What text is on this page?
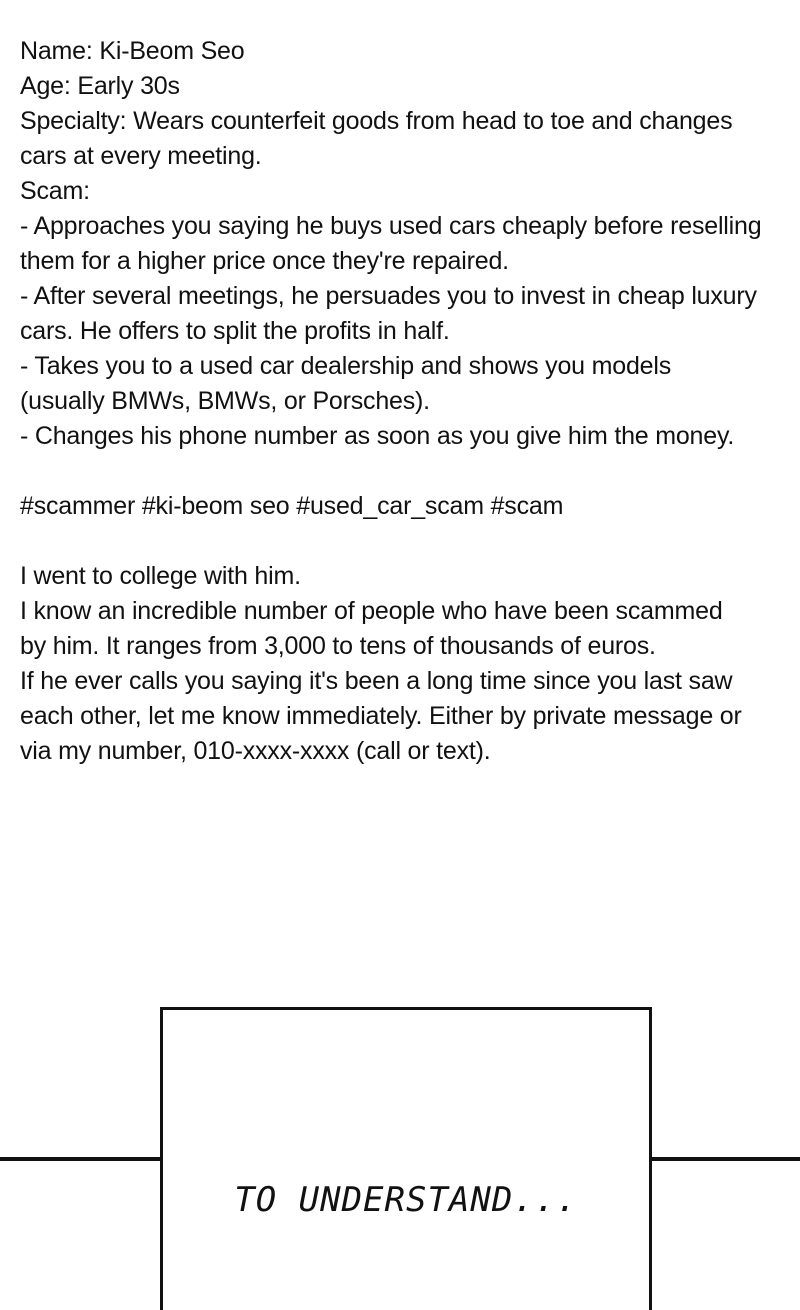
Name: Ki-Beom Seo
Age: Early 30s
Specialty: Wears counterfeit goods from head to toe and changes
cars at every meeting.
Scam:
- Approaches you saying he buys used cars cheaply before reselling
them for a higher price once they're repaired.
- After several meetings, he persuades you to invest in cheap luxury
cars. He offers to split the profits in half.
- Takes you to a used car dealership and shows you models
(usually BMWs, BMWs, or Porsches).
- Changes his phone number as soon as you give him the money.
#scammer #ki-beom seo #used_car_scam #scam
I went to college with him.
I know an incredible number of people who have been scammed
by him. It ranges from 3,000 to tens of thousands of euros.
If he ever calls you saying it's been a long time since you last saw
each other, let me know immediately. Either by private message or
via my number, 010-xxxx-xxxx (call or text).
TO UNDERSTAND...
